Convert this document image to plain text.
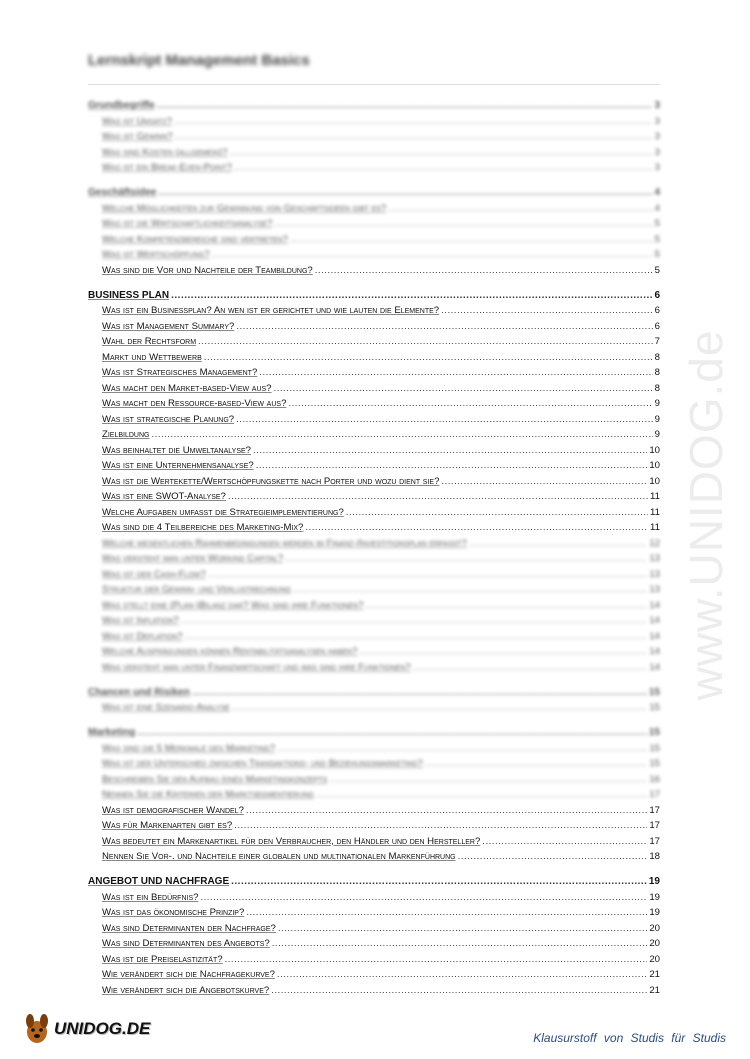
Lernskript Management Basics
Grundbegriffe .....	3
Was ist Umsatz? .....	3
Was ist Gewinn? .....	3
Was sind Kosten (allgemein)? .....	3
Was ist ein Break-Even-Point? .....	3
Geschäftsidee .....	4
Welche Möglichkeiten zur Gewinnung von Geschäftsideen gibt es? .....	4
Was ist die Wirtschaftlichkeitsanalyse? .....	5
Welche Kompetenzbereiche sind vertreten? .....	5
Was ist Wertschöpfung? .....	5
Was sind die Vor und Nachteile der Teambildung? .....	5
BUSINESS PLAN .....	6
Was ist ein Businessplan? An wen ist er gerichtet und wie lauten die Elemente? .....	6
Was ist Management Summary? .....	6
Wahl der Rechtsform .....	7
Markt und Wettbewerb .....	8
Was ist Strategisches Management? .....	8
Was macht den Market-based-View aus? .....	8
Was macht den Ressource-based-View aus? .....	9
Was ist strategische Planung? .....	9
Zielbildung .....	9
Was beinhaltet die Umweltanalyse? .....	10
Was ist eine Unternehmensanalyse? .....	10
Was ist die Wertekette/Wertschöpfungskette nach Porter und wozu dient sie? .....	10
Was ist eine SWOT-Analyse? .....	11
Welche Aufgaben umfasst die Strategieimplementierung? .....	11
Was sind die 4 Teilbereiche des Marketing-Mix? .....	11
Welche wesentlichen Rahmenbedingungen werden im Finanz-/Investitionsplan erfasst? .....	12
Was versteht man unter Working Capital? .....	13
Was ist der Cash-Flow? .....	13
Struktur der Gewinn- und Verlustrechnung .....	13
Was stellt eine (Plan-)Bilanz dar? Was sind ihre Funktionen? .....	14
Was ist Inflation? .....	14
Was ist Deflation? .....	14
Welche Ausprägungen können Rentabilitätsanalysen haben? .....	14
Was versteht man unter Finanzwirtschaft und was sind ihre Funktionen? .....	14
Chancen und Risiken .....	15
Was ist eine Szenario-Analyse .....	15
Marketing .....	15
Was sind die 5 Merkmale des Marketing? .....	15
Was ist der Unterschied zwischen Transaktions- und Beziehungsmarketing? .....	15
Beschreiben Sie den Aufbau eines Marketingkonzepts .....	16
Nennen Sie die Kriterien der Marktsegmentierung .....	17
Was ist demografischer Wandel? .....	17
Was für Markenarten gibt es? .....	17
Was bedeutet ein Markenartikel für den Verbraucher, den Händler und den Hersteller? .....	17
Nennen Sie Vor-. und Nachteile einer globalen und multinationalen Markenführung .....	18
ANGEBOT UND NACHFRAGE .....	19
Was ist ein Bedürfnis? .....	19
Was ist das ökonomische Prinzip? .....	19
Was sind Determinanten der Nachfrage? .....	20
Was sind Determinanten des Angebots? .....	20
Was ist die Preiselastizität? .....	20
Wie verändert sich die Nachfragekurve? .....	21
Wie verändert sich die Angebotskurve? .....	21
www.UNIDOG.de
UNIDOG.DE	Klausurstoff von Studis für Studis
